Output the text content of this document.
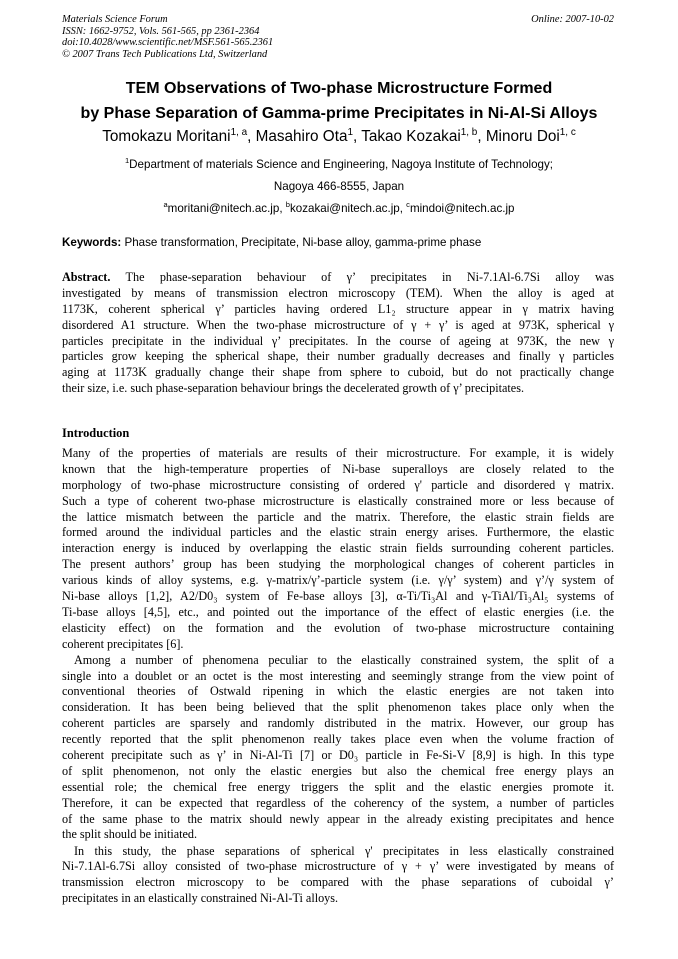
Materials Science Forum
ISSN: 1662-9752, Vols. 561-565, pp 2361-2364
doi:10.4028/www.scientific.net/MSF.561-565.2361
© 2007 Trans Tech Publications Ltd, Switzerland
Online: 2007-10-02
TEM Observations of Two-phase Microstructure Formed
by Phase Separation of Gamma-prime Precipitates in Ni-Al-Si Alloys
Tomokazu Moritani$^{1, a}$, Masahiro Ota$^1$, Takao Kozakai$^{1, b}$, Minoru Doi$^{1, c}$
$^1$Department of materials Science and Engineering, Nagoya Institute of Technology;
Nagoya 466-8555, Japan
$^a$moritani@nitech.ac.jp, $^b$kozakai@nitech.ac.jp, $^c$mindoi@nitech.ac.jp
Keywords: Phase transformation, Precipitate, Ni-base alloy, gamma-prime phase
Abstract. The phase-separation behaviour of γ’ precipitates in Ni-7.1Al-6.7Si alloy was
investigated by means of transmission electron microscopy (TEM). When the alloy is aged at
1173K, coherent spherical γ’ particles having ordered L1₂ structure appear in γ matrix having
disordered A1 structure. When the two-phase microstructure of γ + γ’ is aged at 973K, spherical γ
particles precipitate in the individual γ’ precipitates. In the course of ageing at 973K, the new γ
particles grow keeping the spherical shape, their number gradually decreases and finally γ particles
aging at 1173K gradually change their shape from sphere to cuboid, but do not practically change
their size, i.e. such phase-separation behaviour brings the decelerated growth of γ’ precipitates.
Introduction
Many of the properties of materials are results of their microstructure. For example, it is widely
known that the high-temperature properties of Ni-base superalloys are closely related to the
morphology of two-phase microstructure consisting of ordered γ' particle and disordered γ matrix.
Such a type of coherent two-phase microstructure is elastically constrained more or less because of
the lattice mismatch between the particle and the matrix. Therefore, the elastic strain fields are
formed around the individual particles and the elastic strain energy arises. Furthermore, the elastic
interaction energy is induced by overlapping the elastic strain fields surrounding coherent particles.
The present authors’ group has been studying the morphological changes of coherent particles in
various kinds of alloy systems, e.g. γ-matrix/γ’-particle system (i.e. γ/γ’ system) and γ’/γ system of
Ni-base alloys [1,2], A2/D0₃ system of Fe-base alloys [3], α-Ti/Ti₃Al and γ-TiAl/Ti₃Al₅ systems of
Ti-base alloys [4,5], etc., and pointed out the importance of the effect of elastic energies (i.e. the
elasticity effect) on the formation and the evolution of two-phase microstructure containing
coherent precipitates [6].
Among a number of phenomena peculiar to the elastically constrained system, the split of a
single into a doublet or an octet is the most interesting and seemingly strange from the view point of
conventional theories of Ostwald ripening in which the elastic energies are not taken into
consideration. It has been being believed that the split phenomenon takes place only when the
coherent particles are sparsely and randomly distributed in the matrix. However, our group has
recently reported that the split phenomenon really takes place even when the volume fraction of
coherent precipitate such as γ’ in Ni-Al-Ti [7] or D0₃ particle in Fe-Si-V [8,9] is high. In this type
of split phenomenon, not only the elastic energies but also the chemical free energy plays an
essential role; the chemical free energy triggers the split and the elastic energies promote it.
Therefore, it can be expected that regardless of the coherency of the system, a number of particles
of the same phase to the matrix should newly appear in the already existing precipitates and hence
the split should be initiated.
In this study, the phase separations of spherical γ' precipitates in less elastically constrained
Ni-7.1Al-6.7Si alloy consisted of two-phase microstructure of γ + γ’ were investigated by means of
transmission electron microscopy to be compared with the phase separations of cuboidal γ’
precipitates in an elastically constrained Ni-Al-Ti alloys.
